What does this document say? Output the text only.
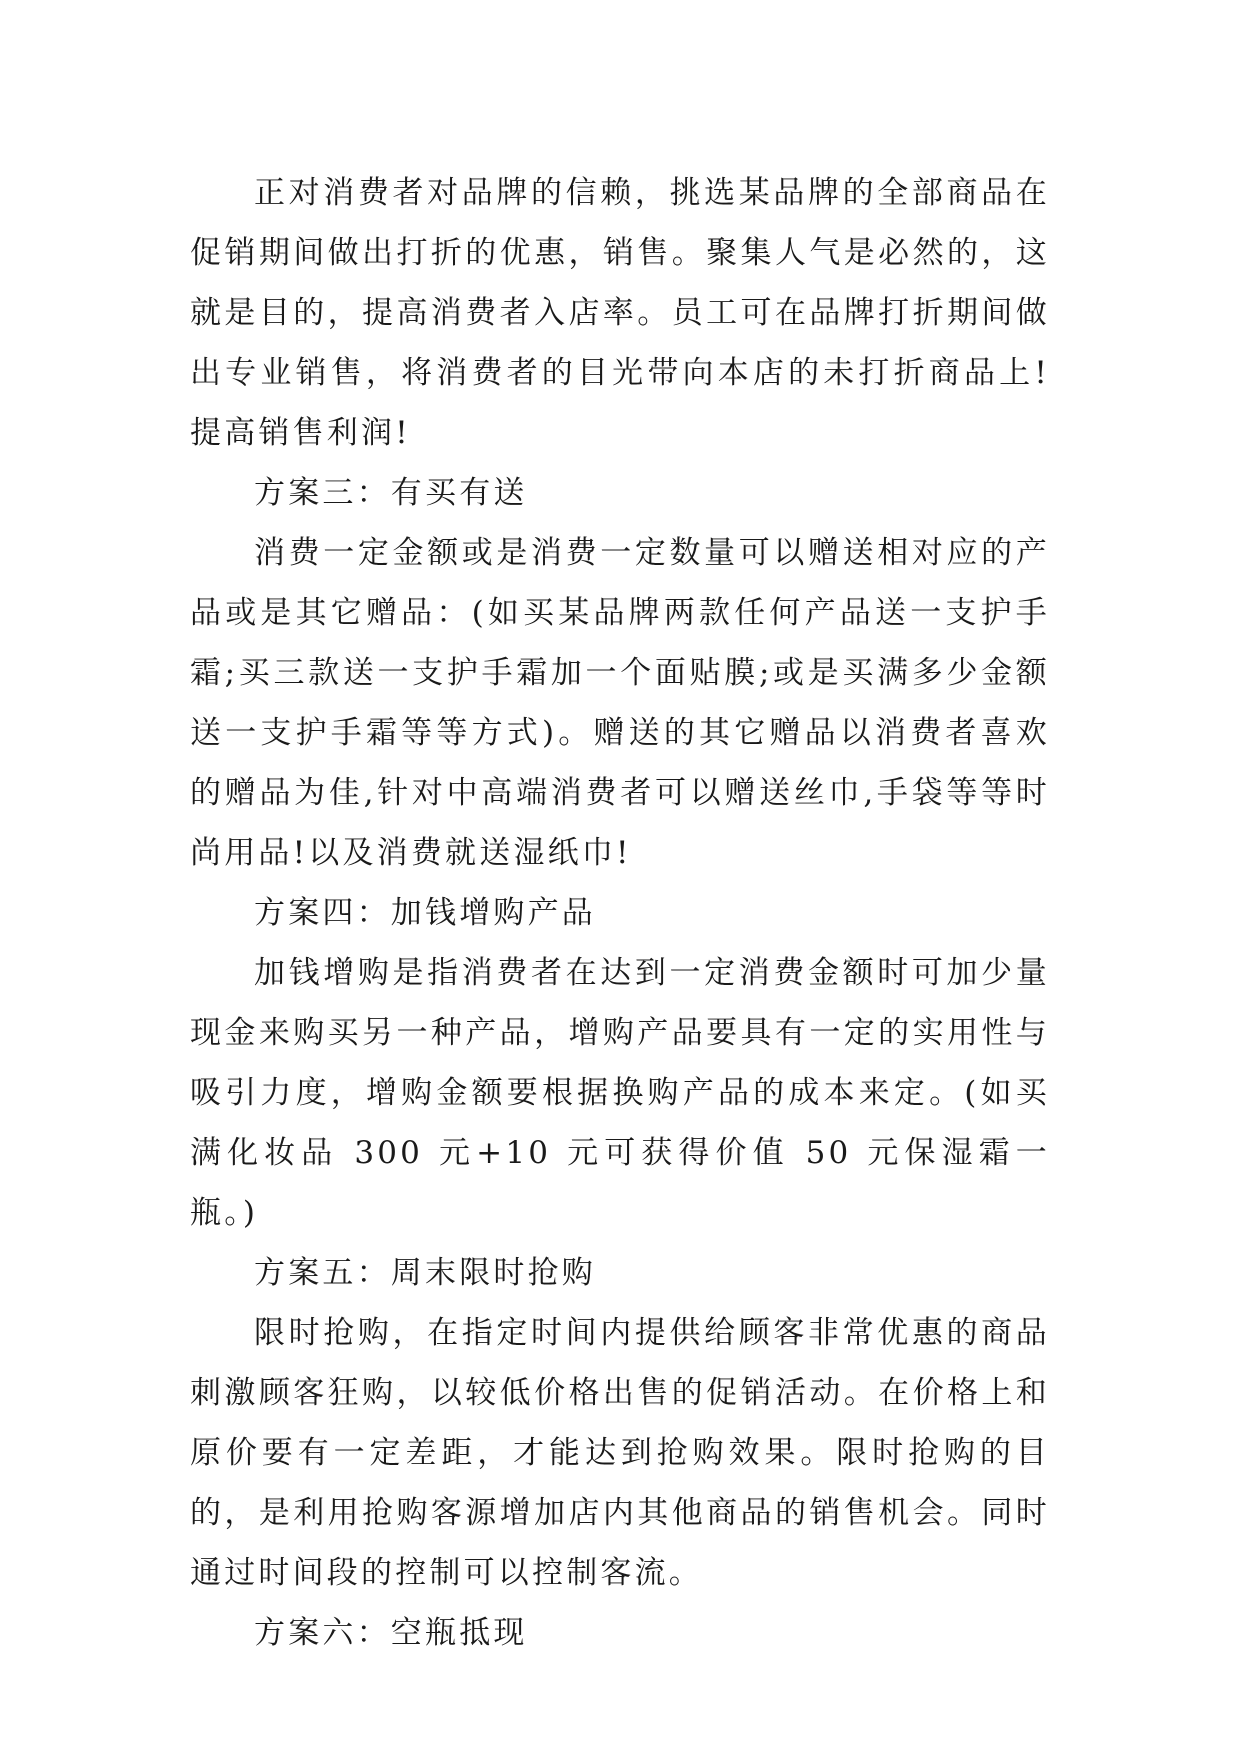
正对消费者对品牌的信赖，挑选某品牌的全部商品在促销期间做出打折的优惠，销售。聚集人气是必然的，这就是目的，提高消费者入店率。员工可在品牌打折期间做出专业销售，将消费者的目光带向本店的未打折商品上!提高销售利润!

方案三：有买有送

消费一定金额或是消费一定数量可以赠送相对应的产品或是其它赠品：(如买某品牌两款任何产品送一支护手霜;买三款送一支护手霜加一个面贴膜;或是买满多少金额送一支护手霜等等方式)。赠送的其它赠品以消费者喜欢的赠品为佳,针对中高端消费者可以赠送丝巾,手袋等等时尚用品!以及消费就送湿纸巾!

方案四：加钱增购产品

加钱增购是指消费者在达到一定消费金额时可加少量现金来购买另一种产品，增购产品要具有一定的实用性与吸引力度，增购金额要根据换购产品的成本来定。(如买满化妆品 300 元+10 元可获得价值 50 元保湿霜一瓶。)

方案五：周末限时抢购

限时抢购，在指定时间内提供给顾客非常优惠的商品刺激顾客狂购，以较低价格出售的促销活动。在价格上和原价要有一定差距，才能达到抢购效果。限时抢购的目的，是利用抢购客源增加店内其他商品的销售机会。同时通过时间段的控制可以控制客流。

方案六：空瓶抵现
